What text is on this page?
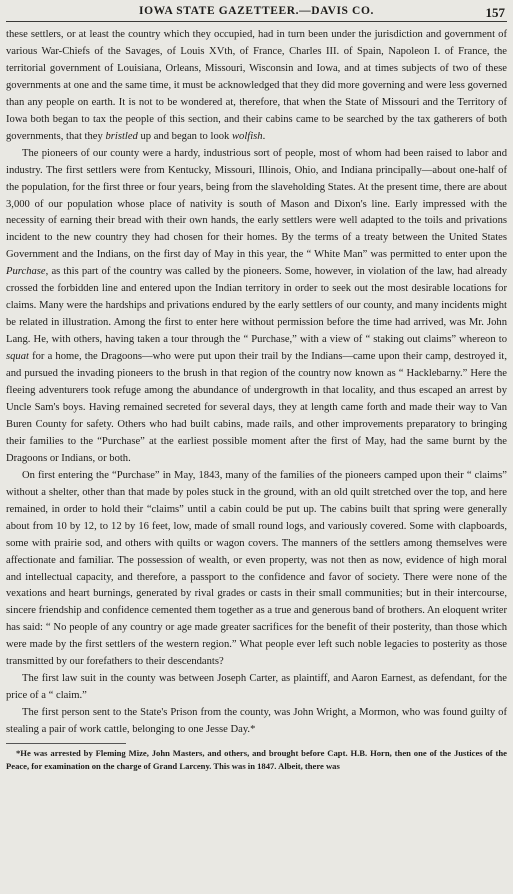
IOWA STATE GAZETTEER.—DAVIS CO.	157

these settlers, or at least the country which they occupied, had in turn been under the jurisdiction and government of various War-Chiefs of the Savages, of Louis XVth, of France, Charles III. of Spain, Napoleon I. of France, the territorial government of Louisiana, Orleans, Missouri, Wisconsin and Iowa, and at times subjects of two of these governments at one and the same time, it must be acknowledged that they did more governing and were less governed than any people on earth. It is not to be wondered at, therefore, that when the State of Missouri and the Territory of Iowa both began to tax the people of this section, and their cabins came to be searched by the tax gatherers of both governments, that they bristled up and began to look wolfish.

The pioneers of our county were a hardy, industrious sort of people, most of whom had been raised to labor and industry. The first settlers were from Kentucky, Missouri, Illinois, Ohio, and Indiana principally—about one-half of the population, for the first three or four years, being from the slaveholding States. At the present time, there are about 3,000 of our population whose place of nativity is south of Mason and Dixon's line. Early impressed with the necessity of earning their bread with their own hands, the early settlers were well adapted to the toils and privations incident to the new country they had chosen for their homes. By the terms of a treaty between the United States Government and the Indians, on the first day of May in this year, the “ White Man” was permitted to enter upon the Purchase, as this part of the country was called by the pioneers. Some, however, in violation of the law, had already crossed the forbidden line and entered upon the Indian territory in order to seek out the most desirable locations for claims. Many were the hardships and privations endured by the early settlers of our county, and many incidents might be related in illustration. Among the first to enter here without permission before the time had arrived, was Mr. John Lang. He, with others, having taken a tour through the “ Purchase,” with a view of “ staking out claims” whereon to squat for a home, the Dragoons—who were put upon their trail by the Indians—came upon their camp, destroyed it, and pursued the invading pioneers to the brush in that region of the country now known as “ Hacklebarny.” Here the fleeing adventurers took refuge among the abundance of undergrowth in that locality, and thus escaped an arrest by Uncle Sam's boys. Having remained secreted for several days, they at length came forth and made their way to Van Buren County for safety. Others who had built cabins, made rails, and other improvements preparatory to bringing their families to the “Purchase” at the earliest possible moment after the first of May, had the same burnt by the Dragoons or Indians, or both.

On first entering the “Purchase” in May, 1843, many of the families of the pioneers camped upon their “ claims” without a shelter, other than that made by poles stuck in the ground, with an old quilt stretched over the top, and here remained, in order to hold their “claims” until a cabin could be put up. The cabins built that spring were generally about from 10 by 12, to 12 by 16 feet, low, made of small round logs, and variously covered. Some with clapboards, some with prairie sod, and others with quilts or wagon covers. The manners of the settlers among themselves were affectionate and familiar. The possession of wealth, or even property, was not then as now, evidence of high moral and intellectual capacity, and therefore, a passport to the confidence and favor of society. There were none of the vexations and heart burnings, generated by rival grades or casts in their small communities; but in their intercourse, sincere friendship and confidence cemented them together as a true and generous band of brothers. An eloquent writer has said: “ No people of any country or age made greater sacrifices for the benefit of their posterity, than those which were made by the first settlers of the western region.” What people ever left such noble legacies to posterity as those transmitted by our forefathers to their descendants?

The first law suit in the county was between Joseph Carter, as plaintiff, and Aaron Earnest, as defendant, for the price of a “ claim.”

The first person sent to the State's Prison from the county, was John Wright, a Mormon, who was found guilty of stealing a pair of work cattle, belonging to one Jesse Day.*

*He was arrested by Fleming Mize, John Masters, and others, and brought before Capt. H.B. Horn, then one of the Justices of the Peace, for examination on the charge of Grand Larceny. This was in 1847. Albeit, there was
